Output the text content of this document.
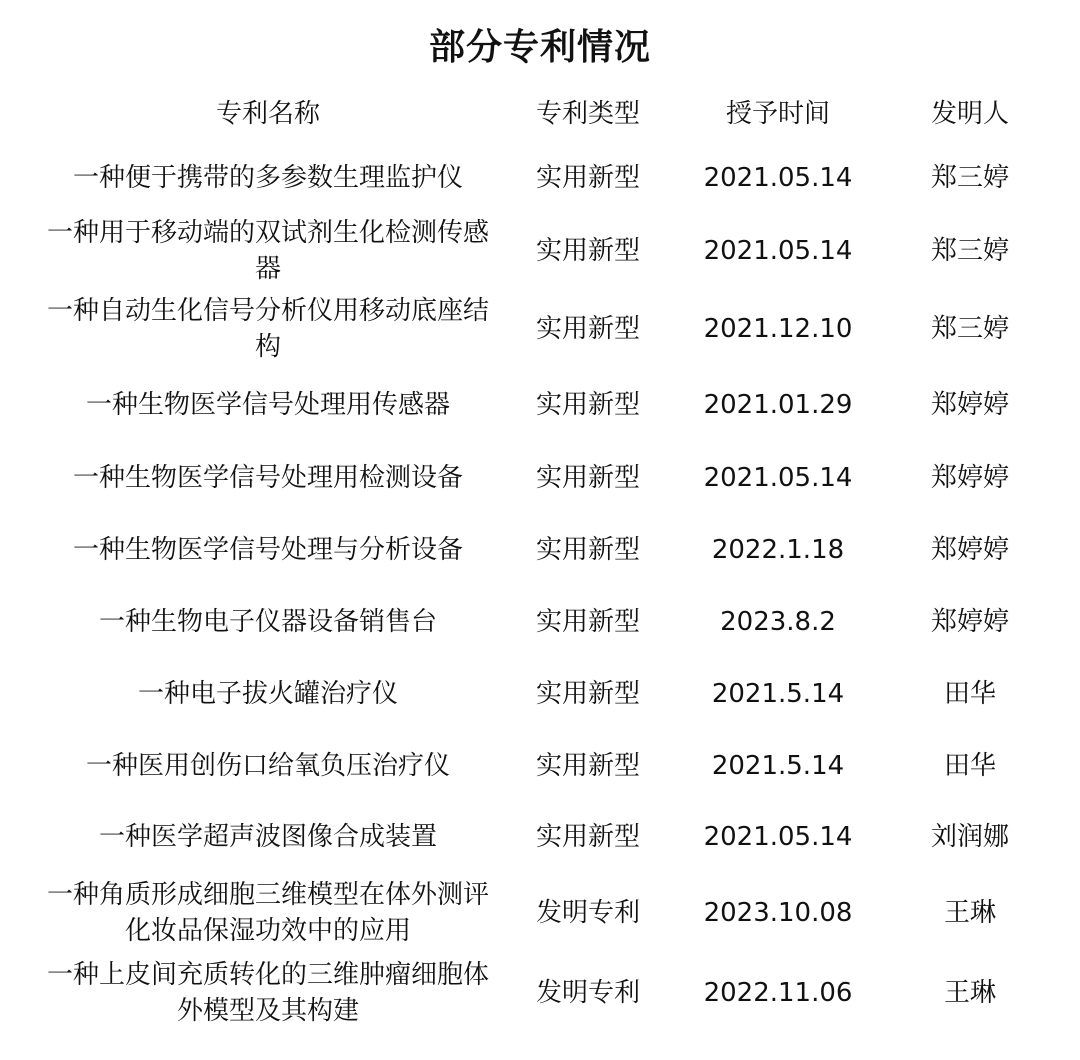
部分专利情况
专利名称	专利类型	授予时间	发明人
一种便于携带的多参数生理监护仪	实用新型	2021.05.14	郑三婷
一种用于移动端的双试剂生化检测传感器	实用新型	2021.05.14	郑三婷
一种自动生化信号分析仪用移动底座结构	实用新型	2021.12.10	郑三婷
一种生物医学信号处理用传感器	实用新型	2021.01.29	郑婷婷
一种生物医学信号处理用检测设备	实用新型	2021.05.14	郑婷婷
一种生物医学信号处理与分析设备	实用新型	2022.1.18	郑婷婷
一种生物电子仪器设备销售台	实用新型	2023.8.2	郑婷婷
一种电子拔火罐治疗仪	实用新型	2021.5.14	田华
一种医用创伤口给氧负压治疗仪	实用新型	2021.5.14	田华
一种医学超声波图像合成装置	实用新型	2021.05.14	刘润娜
一种角质形成细胞三维模型在体外测评化妆品保湿功效中的应用	发明专利	2023.10.08	王琳
一种上皮间充质转化的三维肿瘤细胞体外模型及其构建	发明专利	2022.11.06	王琳
